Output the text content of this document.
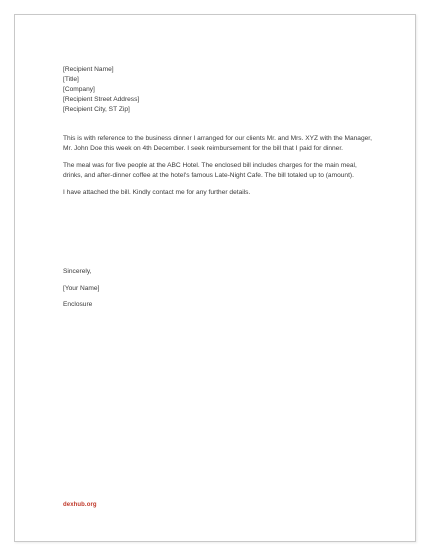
[Recipient Name]
[Title]
[Company]
[Recipient Street Address]
[Recipient City, ST Zip]

This is with reference to the business dinner I arranged for our clients Mr. and Mrs. XYZ with the Manager, Mr. John Doe this week on 4th December. I seek reimbursement for the bill that I paid for dinner.

The meal was for five people at the ABC Hotel. The enclosed bill includes charges for the main meal, drinks, and after-dinner coffee at the hotel's famous Late-Night Cafe. The bill totaled up to (amount).

I have attached the bill. Kindly contact me for any further details.

Sincerely,
[Your Name]
Enclosure
dexhub.org
